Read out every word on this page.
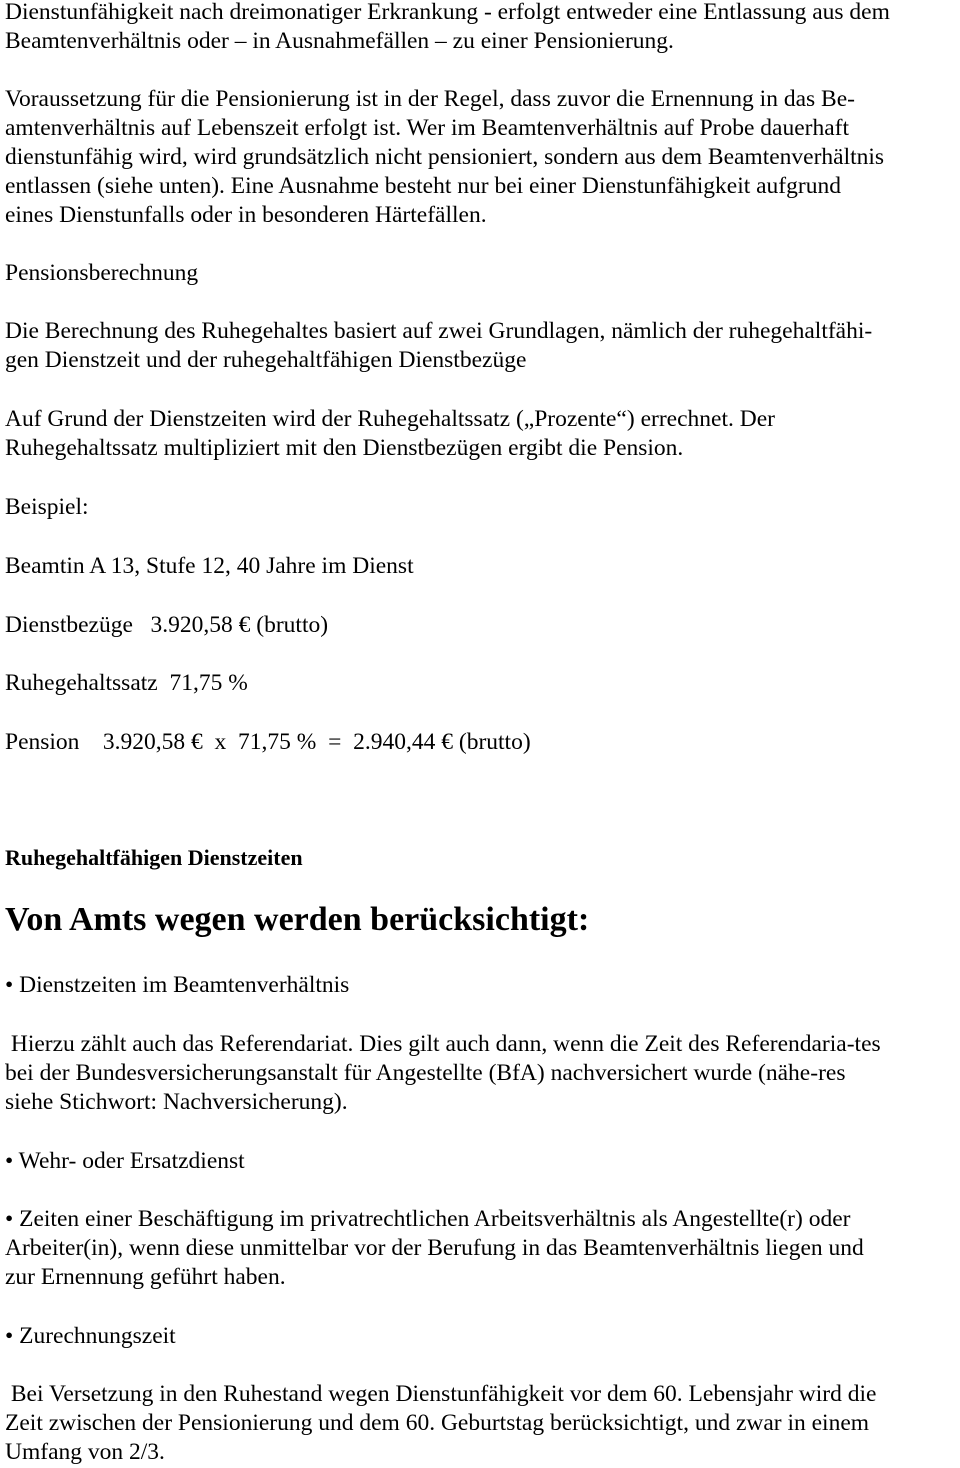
Dienstunfähigkeit nach dreimonatiger Erkrankung - erfolgt entweder eine Entlassung aus dem
Beamtenverhältnis oder – in Ausnahmefällen – zu einer Pensionierung.
Voraussetzung für die Pensionierung ist in der Regel, dass zuvor die Ernennung in das Be-
amtenverhältnis auf Lebenszeit erfolgt ist. Wer im Beamtenverhältnis auf Probe dauerhaft
dienstunfähig wird, wird grundsätzlich nicht pensioniert, sondern aus dem Beamtenverhältnis
entlassen (siehe unten). Eine Ausnahme besteht nur bei einer Dienstunfähigkeit aufgrund
eines Dienstunfalls oder in besonderen Härtefällen.
Pensionsberechnung
Die Berechnung des Ruhegehaltes basiert auf zwei Grundlagen, nämlich der ruhegehaltfähi-
gen Dienstzeit und der ruhegehaltfähigen Dienstbezüge
Auf Grund der Dienstzeiten wird der Ruhegehaltssatz („Prozente“) errechnet. Der
Ruhegehaltssatz multipliziert mit den Dienstbezügen ergibt die Pension.
Beispiel:
Beamtin A 13, Stufe 12, 40 Jahre im Dienst
Dienstbezüge   3.920,58 € (brutto)
Ruhegehaltssatz  71,75 %
Pension    3.920,58 €  x  71,75 %  =  2.940,44 € (brutto)
Ruhegehaltfähigen Dienstzeiten
Von Amts wegen werden berücksichtigt:
• Dienstzeiten im Beamtenverhältnis
Hierzu zählt auch das Referendariat. Dies gilt auch dann, wenn die Zeit des Referendaria-tes
bei der Bundesversicherungsanstalt für Angestellte (BfA) nachversichert wurde (nähe-res
siehe Stichwort: Nachversicherung).
• Wehr- oder Ersatzdienst
• Zeiten einer Beschäftigung im privatrechtlichen Arbeitsverhältnis als Angestellte(r) oder
Arbeiter(in), wenn diese unmittelbar vor der Berufung in das Beamtenverhältnis liegen und
zur Ernennung geführt haben.
• Zurechnungszeit
Bei Versetzung in den Ruhestand wegen Dienstunfähigkeit vor dem 60. Lebensjahr wird die
Zeit zwischen der Pensionierung und dem 60. Geburtstag berücksichtigt, und zwar in einem
Umfang von 2/3.
